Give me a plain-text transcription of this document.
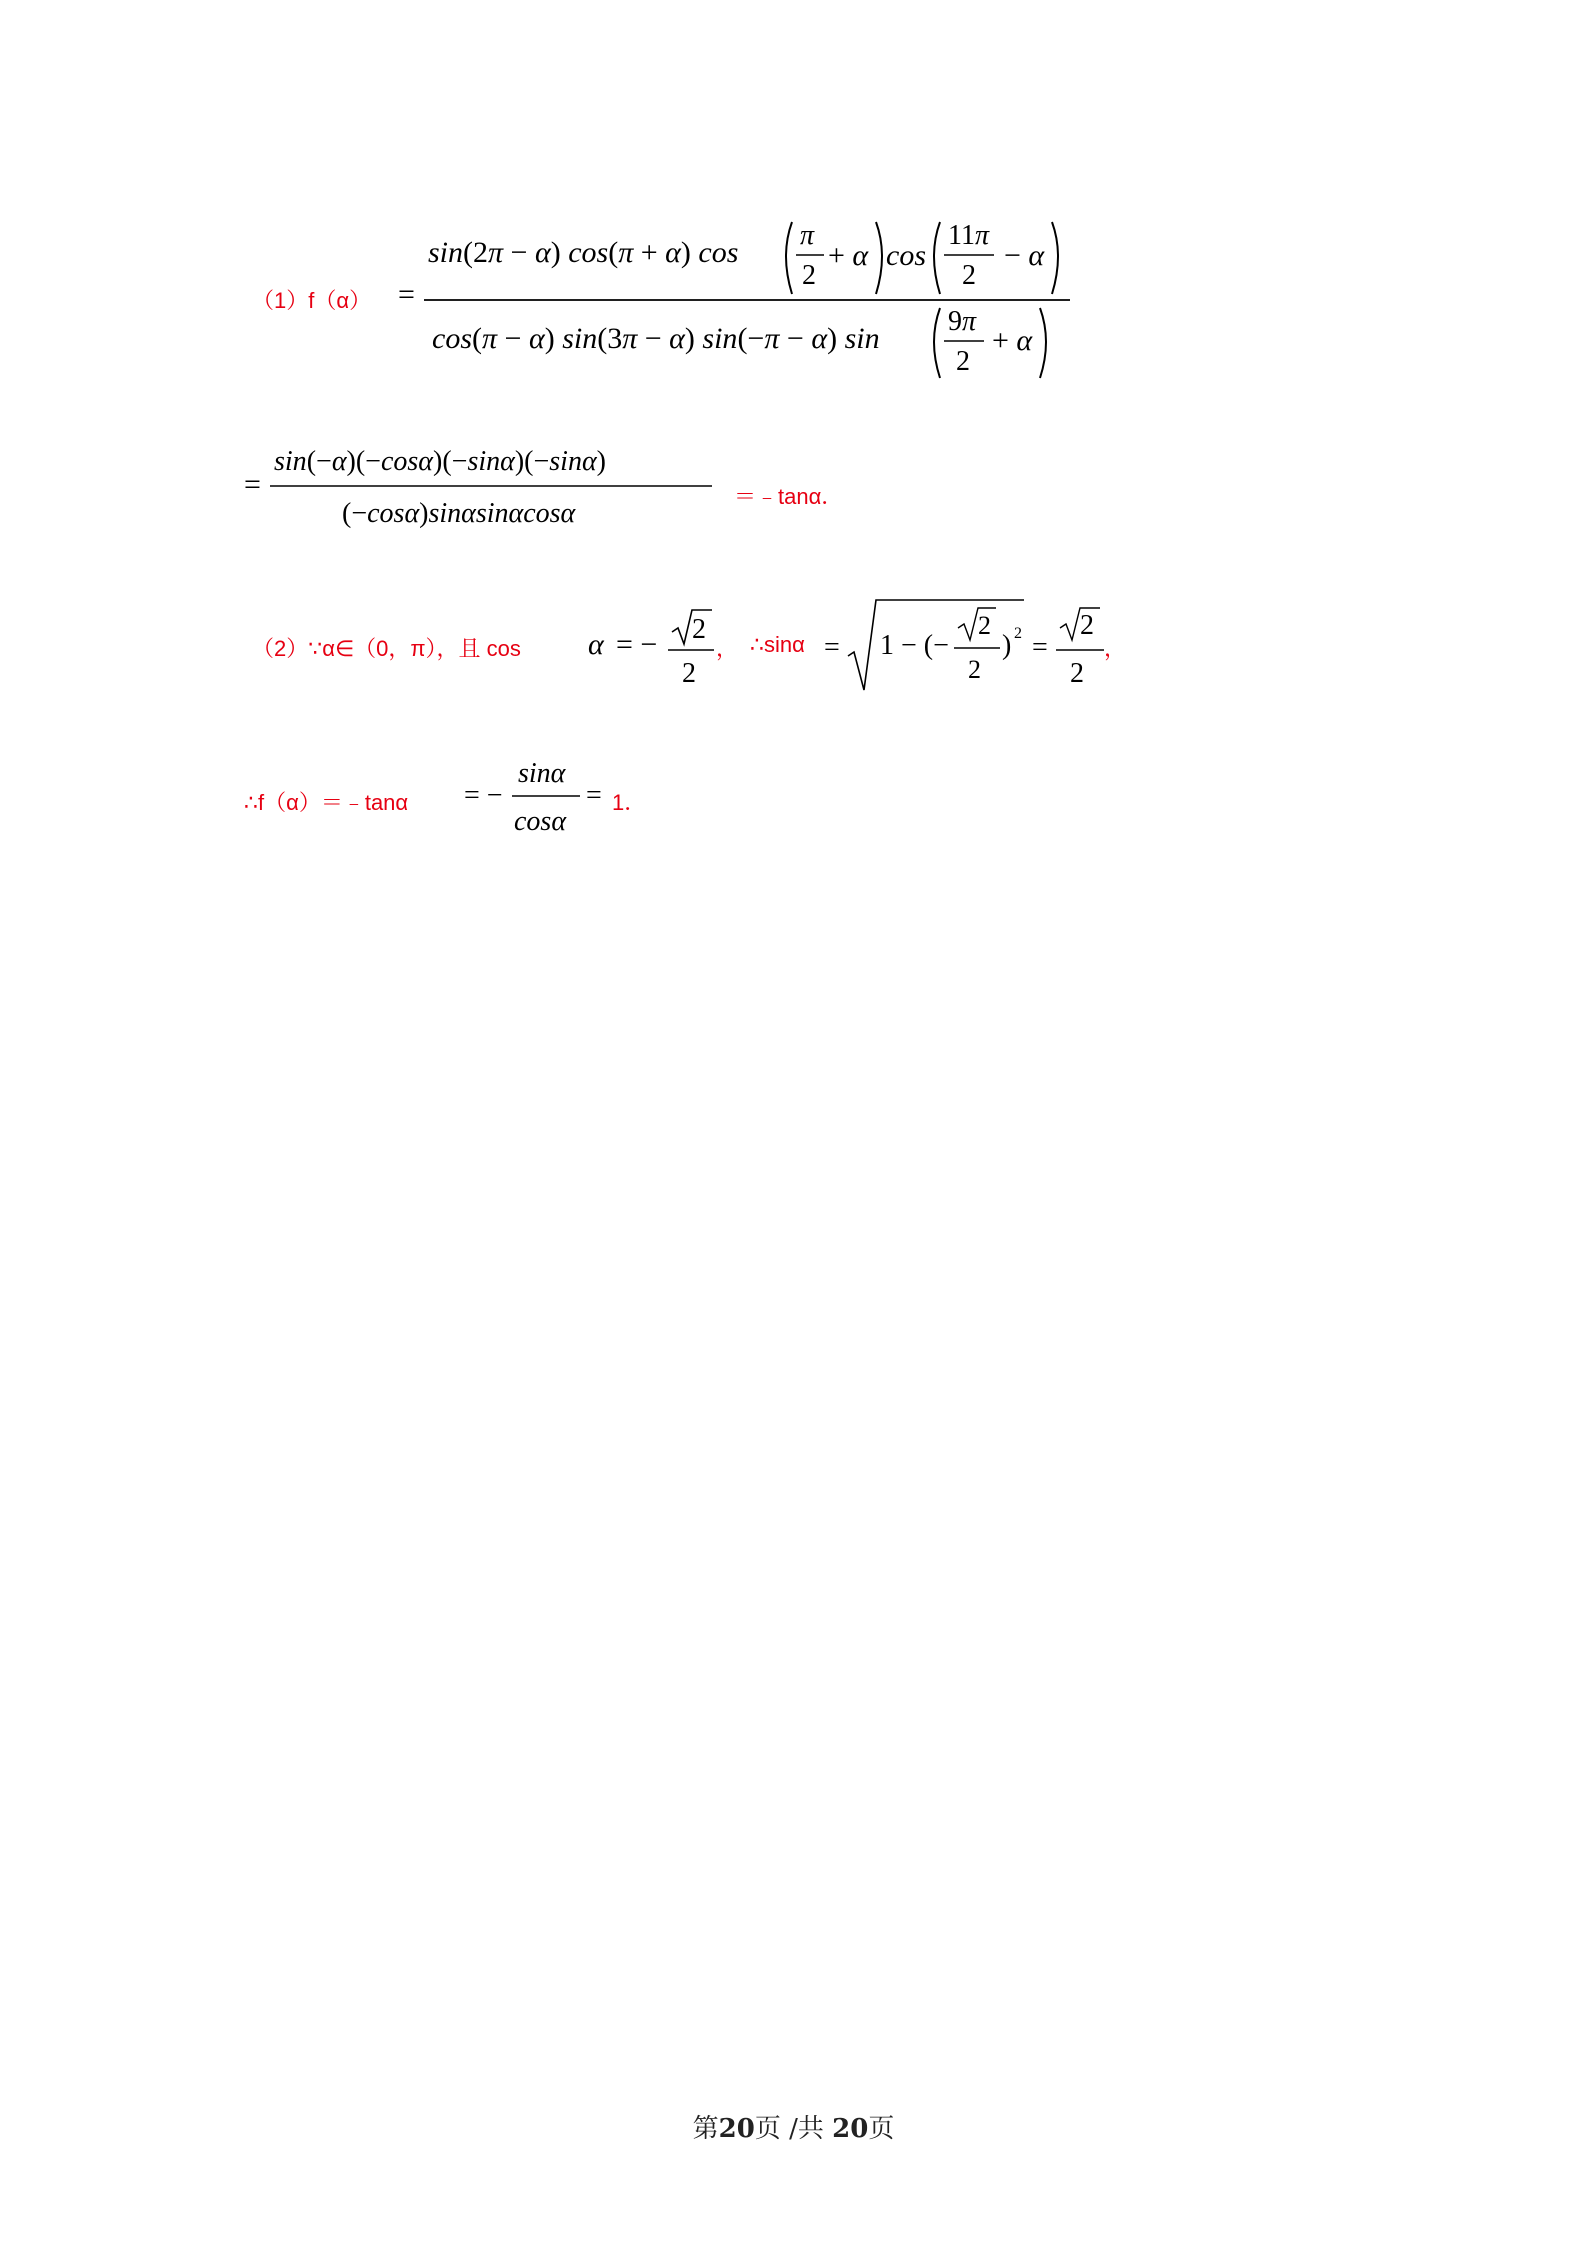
（1）f（α） =
sin(2π − α) cos(π + α) cos
π
2
+ α cos
11π
2
− α
cos(π − α) sin(3π − α) sin(−π − α) sin
9π
2
+ α
=
sin(−α)(−cosα)(−sinα)(−sinα)
(−cosα)sinαsinαcosα
＝﹣tanα．
（2）∵α∈（0，π），且 cos α = − 2
2
， ∴sinα = 1 − (−
2
2
) 2 =
2
2
，
∴f（α）＝﹣tanα = −
sinα
cosα
= 1．
第20页 /共 20页
